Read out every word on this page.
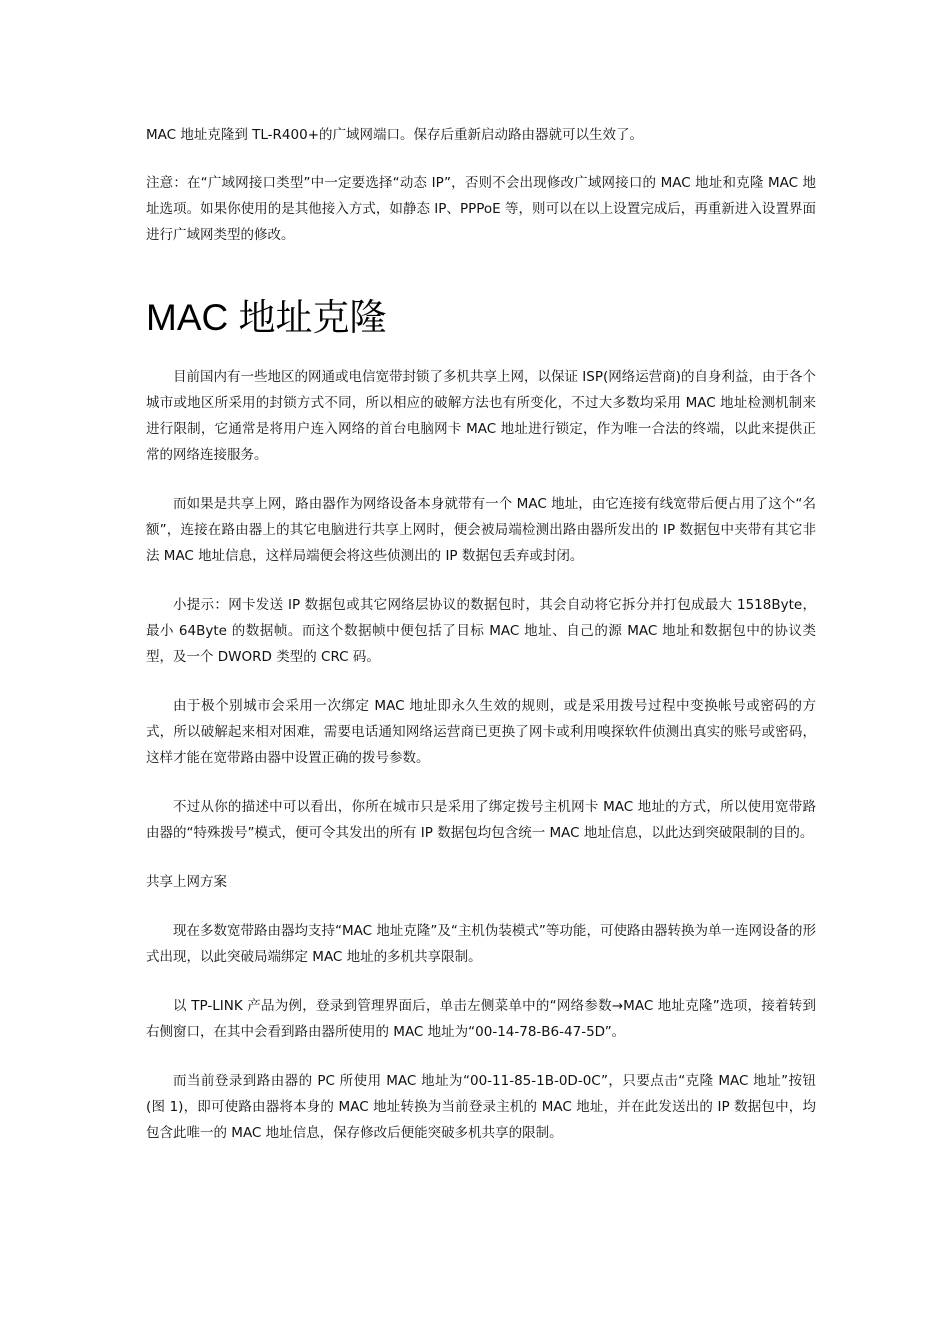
MAC 地址克隆到 TL-R400+的广域网端口。保存后重新启动路由器就可以生效了。

注意：在“广域网接口类型”中一定要选择“动态 IP”，否则不会出现修改广域网接口的 MAC 地址和克隆 MAC 地址选项。如果你使用的是其他接入方式，如静态 IP、PPPoE 等，则可以在以上设置完成后，再重新进入设置界面进行广域网类型的修改。

MAC 地址克隆

目前国内有一些地区的网通或电信宽带封锁了多机共享上网，以保证 ISP(网络运营商)的自身利益，由于各个城市或地区所采用的封锁方式不同，所以相应的破解方法也有所变化，不过大多数均采用 MAC 地址检测机制来进行限制，它通常是将用户连入网络的首台电脑网卡 MAC 地址进行锁定，作为唯一合法的终端，以此来提供正常的网络连接服务。

而如果是共享上网，路由器作为网络设备本身就带有一个 MAC 地址，由它连接有线宽带后便占用了这个“名额”，连接在路由器上的其它电脑进行共享上网时，便会被局端检测出路由器所发出的 IP 数据包中夹带有其它非法 MAC 地址信息，这样局端便会将这些侦测出的 IP 数据包丢弃或封闭。

小提示：网卡发送 IP 数据包或其它网络层协议的数据包时，其会自动将它拆分并打包成最大 1518Byte，最小 64Byte 的数据帧。而这个数据帧中便包括了目标 MAC 地址、自己的源 MAC 地址和数据包中的协议类型，及一个 DWORD 类型的 CRC 码。

由于极个别城市会采用一次绑定 MAC 地址即永久生效的规则，或是采用拨号过程中变换帐号或密码的方式，所以破解起来相对困难，需要电话通知网络运营商已更换了网卡或利用嗅探软件侦测出真实的账号或密码，这样才能在宽带路由器中设置正确的拨号参数。

不过从你的描述中可以看出，你所在城市只是采用了绑定拨号主机网卡 MAC 地址的方式，所以使用宽带路由器的“特殊拨号”模式，便可令其发出的所有 IP 数据包均包含统一 MAC 地址信息，以此达到突破限制的目的。

共享上网方案

现在多数宽带路由器均支持“MAC 地址克隆”及“主机伪装模式”等功能，可使路由器转换为单一连网设备的形式出现，以此突破局端绑定 MAC 地址的多机共享限制。

以 TP-LINK 产品为例，登录到管理界面后，单击左侧菜单中的“网络参数→MAC 地址克隆”选项，接着转到右侧窗口，在其中会看到路由器所使用的 MAC 地址为“00-14-78-B6-47-5D”。

而当前登录到路由器的 PC 所使用 MAC 地址为“00-11-85-1B-0D-0C”，只要点击“克隆 MAC 地址”按钮(图 1)，即可使路由器将本身的 MAC 地址转换为当前登录主机的 MAC 地址，并在此发送出的 IP 数据包中，均包含此唯一的 MAC 地址信息，保存修改后便能突破多机共享的限制。
